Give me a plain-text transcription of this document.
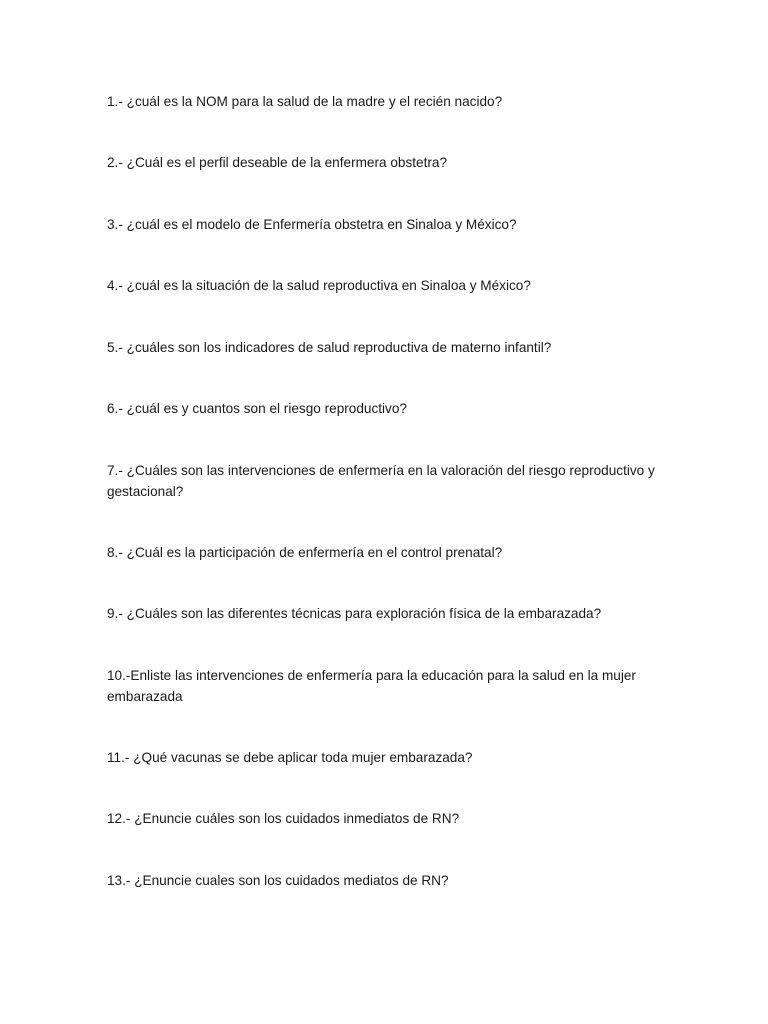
1.- ¿cuál es la NOM para la salud de la madre y el recién nacido?

2.- ¿Cuál es el perfil deseable de la enfermera obstetra?

3.- ¿cuál es el modelo de Enfermería obstetra en Sinaloa y México?

4.- ¿cuál es la situación de la salud reproductiva en Sinaloa y México?

5.- ¿cuáles son los indicadores de salud reproductiva de materno infantil?

6.- ¿cuál es y cuantos son el riesgo reproductivo?

7.- ¿Cuáles son las intervenciones de enfermería en la valoración del riesgo reproductivo y gestacional?

8.- ¿Cuál es la participación de enfermería en el control prenatal?

9.- ¿Cuáles son las diferentes técnicas para exploración física de la embarazada?

10.-Enliste las intervenciones de enfermería para la educación para la salud en la mujer embarazada

11.- ¿Qué vacunas se debe aplicar toda mujer embarazada?

12.- ¿Enuncie cuáles son los cuidados inmediatos de RN?

13.- ¿Enuncie cuales son los cuidados mediatos de RN?
